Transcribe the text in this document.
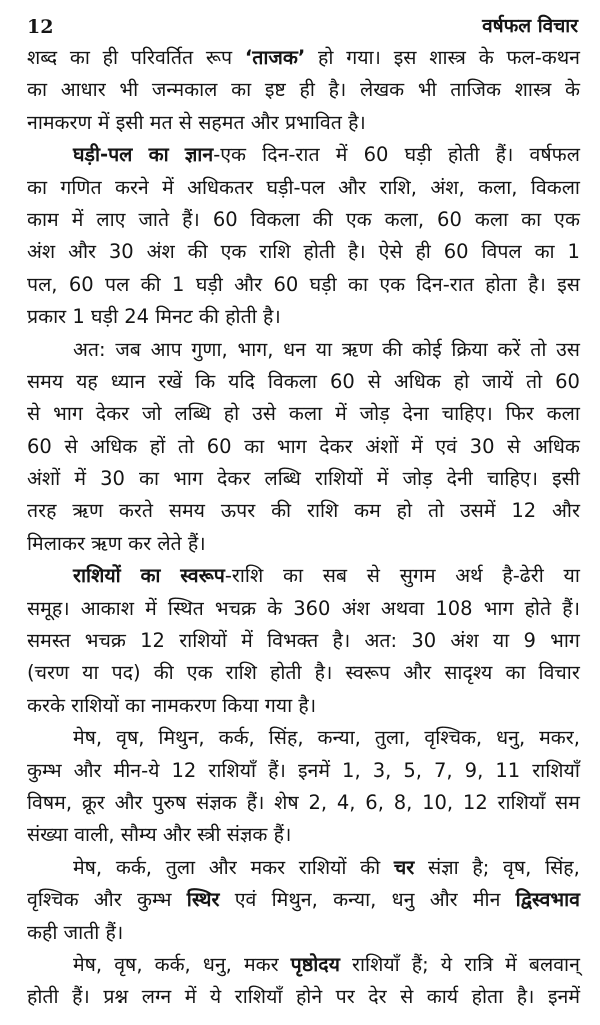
12	वर्षफल विचार
शब्द का ही परिवर्तित रूप ‘ताजक’ हो गया। इस शास्त्र के फल-कथन
का आधार भी जन्मकाल का इष्ट ही है। लेखक भी ताजिक शास्त्र के
नामकरण में इसी मत से सहमत और प्रभावित है।
घड़ी-पल का ज्ञान-एक दिन-रात में 60 घड़ी होती हैं। वर्षफल
का गणित करने में अधिकतर घड़ी-पल और राशि, अंश, कला, विकला
काम में लाए जाते हैं। 60 विकला की एक कला, 60 कला का एक
अंश और 30 अंश की एक राशि होती है। ऐसे ही 60 विपल का 1
पल, 60 पल की 1 घड़ी और 60 घड़ी का एक दिन-रात होता है। इस
प्रकार 1 घड़ी 24 मिनट की होती है।
अत: जब आप गुणा, भाग, धन या ऋण की कोई क्रिया करें तो उस
समय यह ध्यान रखें कि यदि विकला 60 से अधिक हो जायें तो 60
से भाग देकर जो लब्धि हो उसे कला में जोड़ देना चाहिए। फिर कला
60 से अधिक हों तो 60 का भाग देकर अंशों में एवं 30 से अधिक
अंशों में 30 का भाग देकर लब्धि राशियों में जोड़ देनी चाहिए। इसी
तरह ऋण करते समय ऊपर की राशि कम हो तो उसमें 12 और
मिलाकर ऋण कर लेते हैं।
राशियों का स्वरूप-राशि का सब से सुगम अर्थ है-ढेरी या
समूह। आकाश में स्थित भचक्र के 360 अंश अथवा 108 भाग होते हैं।
समस्त भचक्र 12 राशियों में विभक्त है। अत: 30 अंश या 9 भाग
(चरण या पद) की एक राशि होती है। स्वरूप और सादृश्य का विचार
करके राशियों का नामकरण किया गया है।
मेष, वृष, मिथुन, कर्क, सिंह, कन्या, तुला, वृश्चिक, धनु, मकर,
कुम्भ और मीन-ये 12 राशियाँ हैं। इनमें 1, 3, 5, 7, 9, 11 राशियाँ
विषम, क्रूर और पुरुष संज्ञक हैं। शेष 2, 4, 6, 8, 10, 12 राशियाँ सम
संख्या वाली, सौम्य और स्त्री संज्ञक हैं।
मेष, कर्क, तुला और मकर राशियों की चर संज्ञा है; वृष, सिंह,
वृश्चिक और कुम्भ स्थिर एवं मिथुन, कन्या, धनु और मीन द्विस्वभाव
कही जाती हैं।
मेष, वृष, कर्क, धनु, मकर पृष्ठोदय राशियाँ हैं; ये रात्रि में बलवान्
होती हैं। प्रश्न लग्न में ये राशियाँ होने पर देर से कार्य होता है। इनमें
